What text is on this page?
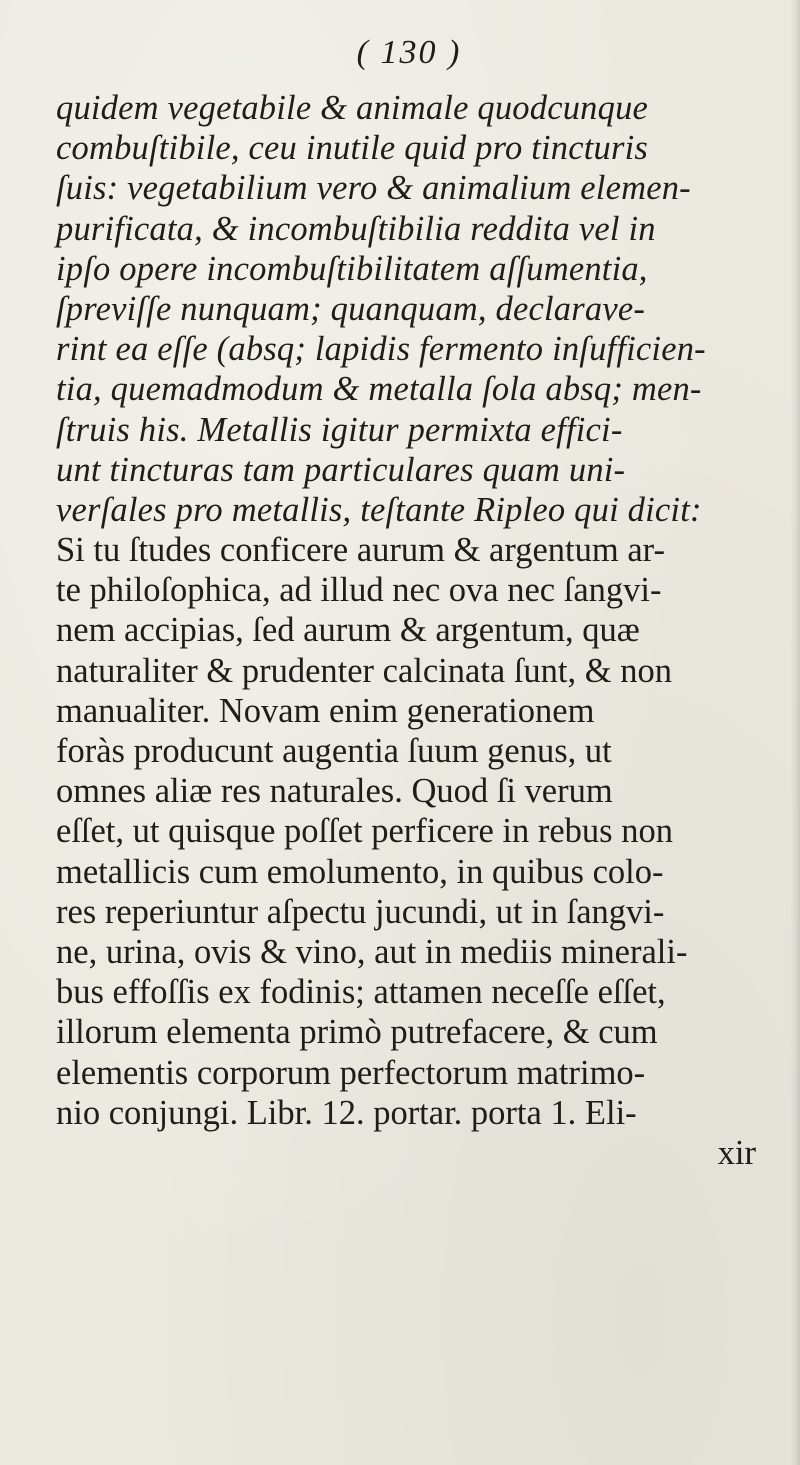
( 130 )
quidem vegetabile & animale quodcunque
combuſtibile, ceu inutile quid pro tincturis
ſuis: vegetabilium vero & animalium elemen-
purificata, & incombuſtibilia reddita vel in
ipſo opere incombuſtibilitatem aſſumentia,
ſpreviſſe nunquam; quanquam, declarave-
rint ea eſſe (absq; lapidis fermento inſufficien-
tia, quemadmodum & metalla ſola absq; men-
ſtruis his. Metallis igitur permixta effici-
unt tincturas tam particulares quam uni-
verſales pro metallis, teſtante Ripleo qui dicit:
Si tu ſtudes conficere aurum & argentum ar-
te philoſophica, ad illud nec ova nec ſangvi-
nem accipias, ſed aurum & argentum, quæ
naturaliter & prudenter calcinata ſunt, & non
manualiter. Novam enim generationem
foràs producunt augentia ſuum genus, ut
omnes aliæ res naturales. Quod ſi verum
eſſet, ut quisque poſſet perficere in rebus non
metallicis cum emolumento, in quibus colo-
res reperiuntur aſpectu jucundi, ut in ſangvi-
ne, urina, ovis & vino, aut in mediis minerali-
bus effoſſis ex fodinis; attamen neceſſe eſſet,
illorum elementa primò putrefacere, & cum
elementis corporum perfectorum matrimo-
nio conjungi. Libr. 12. portar. porta 1. Eli-
xir
